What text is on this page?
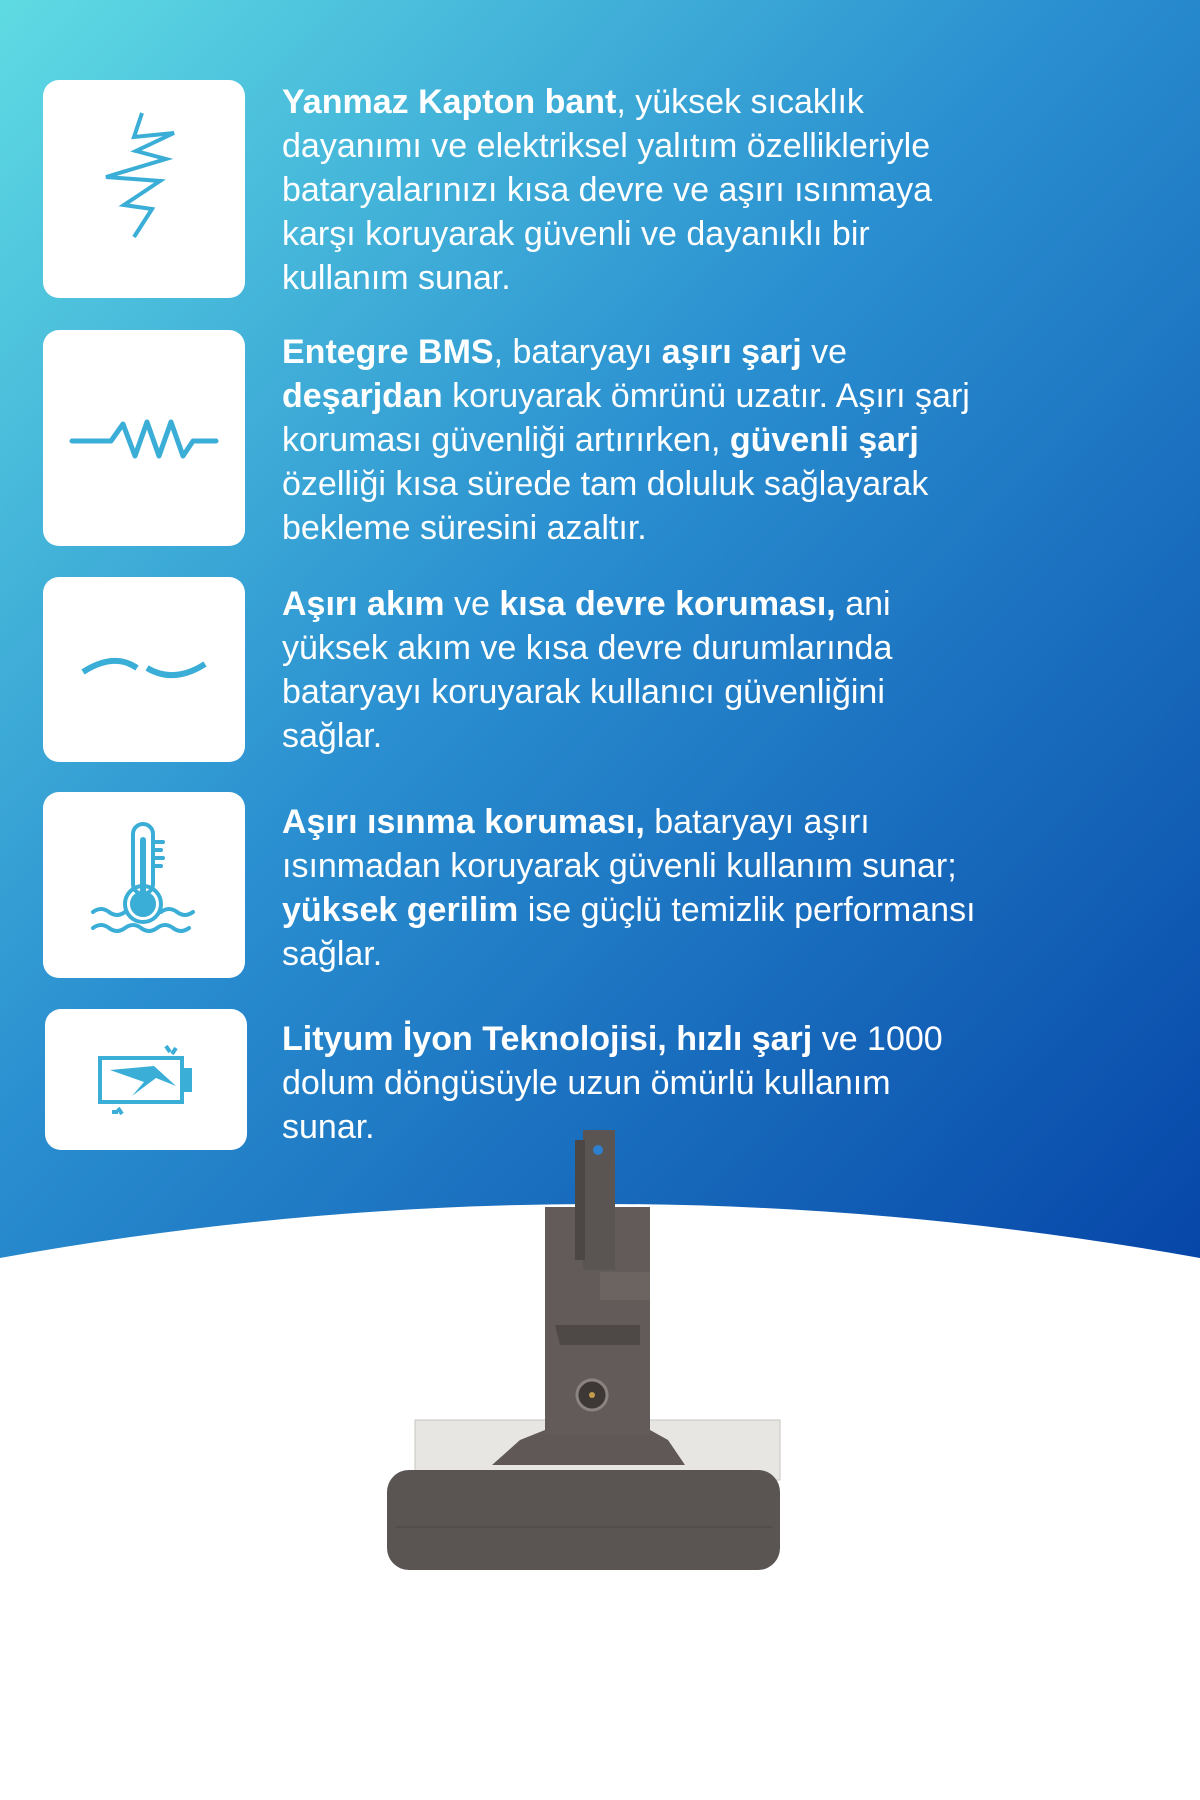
Yanmaz Kapton bant, yüksek sıcaklık
dayanımı ve elektriksel yalıtım özellikleriyle
bataryalarınızı kısa devre ve aşırı ısınmaya
karşı koruyarak güvenli ve dayanıklı bir
kullanım sunar.
Entegre BMS, bataryayı aşırı şarj ve
deşarjdan koruyarak ömrünü uzatır. Aşırı şarj
koruması güvenliği artırırken, güvenli şarj
özelliği kısa sürede tam doluluk sağlayarak
bekleme süresini azaltır.
Aşırı akım ve kısa devre koruması, ani
yüksek akım ve kısa devre durumlarında
bataryayı koruyarak kullanıcı güvenliğini
sağlar.
Aşırı ısınma koruması, bataryayı aşırı
ısınmadan koruyarak güvenli kullanım sunar;
yüksek gerilim ise güçlü temizlik performansı
sağlar.
Lityum İyon Teknolojisi, hızlı şarj ve 1000
dolum döngüsüyle uzun ömürlü kullanım
sunar.
